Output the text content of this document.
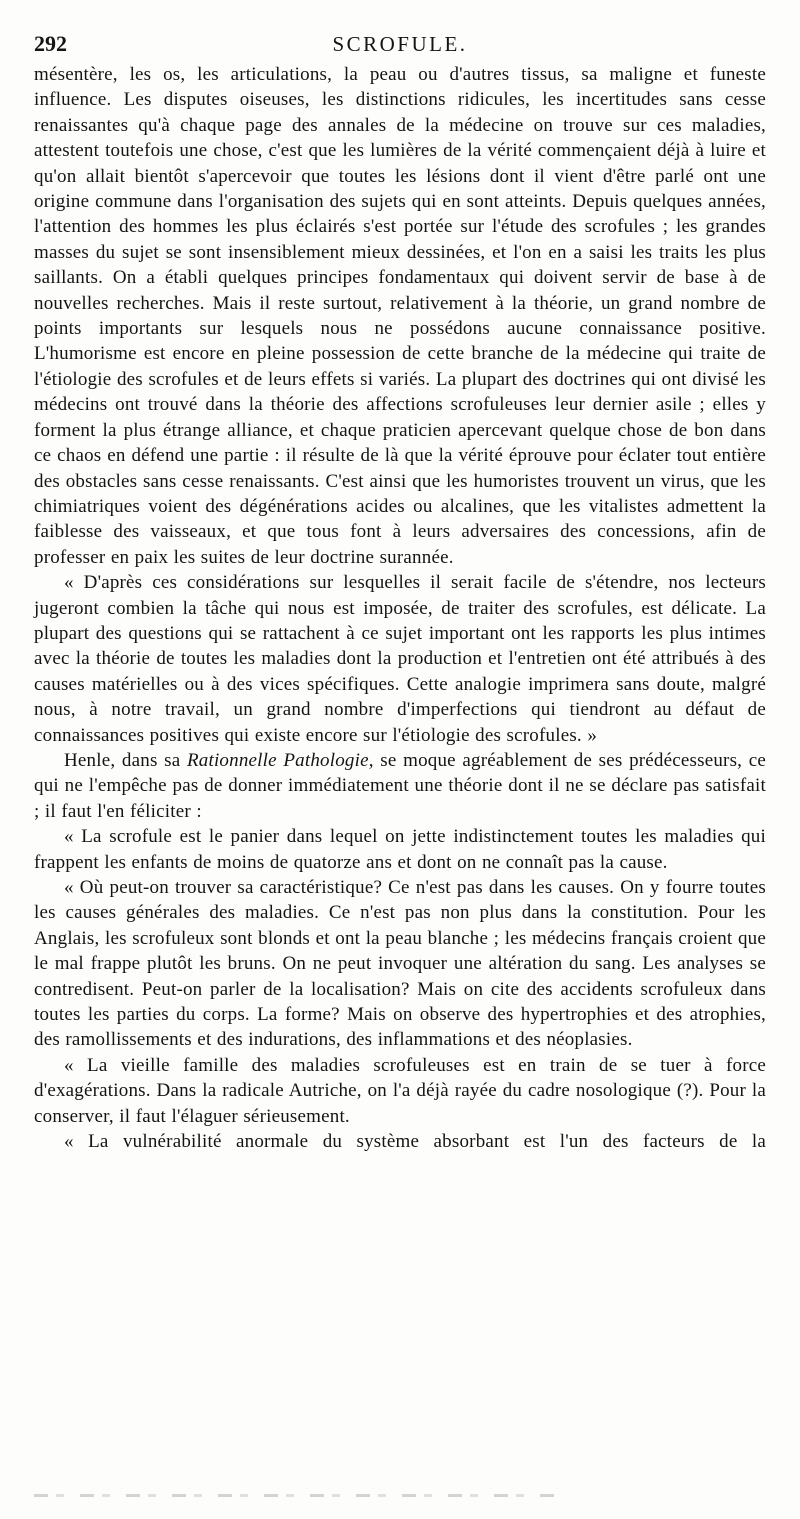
292	SCROFULE.

mésentère, les os, les articulations, la peau ou d'autres tissus, sa maligne et funeste influence. Les disputes oiseuses, les distinctions ridicules, les incertitudes sans cesse renaissantes qu'à chaque page des annales de la médecine on trouve sur ces maladies, attestent toutefois une chose, c'est que les lumières de la vérité commençaient déjà à luire et qu'on allait bientôt s'apercevoir que toutes les lésions dont il vient d'être parlé ont une origine commune dans l'organisation des sujets qui en sont atteints. Depuis quelques années, l'attention des hommes les plus éclairés s'est portée sur l'étude des scrofules ; les grandes masses du sujet se sont insensiblement mieux dessinées, et l'on en a saisi les traits les plus saillants. On a établi quelques principes fondamentaux qui doivent servir de base à de nouvelles recherches. Mais il reste surtout, relativement à la théorie, un grand nombre de points importants sur lesquels nous ne possédons aucune connaissance positive. L'humorisme est encore en pleine possession de cette branche de la médecine qui traite de l'étiologie des scrofules et de leurs effets si variés. La plupart des doctrines qui ont divisé les médecins ont trouvé dans la théorie des affections scrofuleuses leur dernier asile ; elles y forment la plus étrange alliance, et chaque praticien apercevant quelque chose de bon dans ce chaos en défend une partie : il résulte de là que la vérité éprouve pour éclater tout entière des obstacles sans cesse renaissants. C'est ainsi que les humoristes trouvent un virus, que les chimiatriques voient des dégénérations acides ou alcalines, que les vitalistes admettent la faiblesse des vaisseaux, et que tous font à leurs adversaires des concessions, afin de professer en paix les suites de leur doctrine surannée.

« D'après ces considérations sur lesquelles il serait facile de s'étendre, nos lecteurs jugeront combien la tâche qui nous est imposée, de traiter des scrofules, est délicate. La plupart des questions qui se rattachent à ce sujet important ont les rapports les plus intimes avec la théorie de toutes les maladies dont la production et l'entretien ont été attribués à des causes matérielles ou à des vices spécifiques. Cette analogie imprimera sans doute, malgré nous, à notre travail, un grand nombre d'imperfections qui tiendront au défaut de connaissances positives qui existe encore sur l'étiologie des scrofules. »

Henle, dans sa Rationnelle Pathologie, se moque agréablement de ses prédécesseurs, ce qui ne l'empêche pas de donner immédiatement une théorie dont il ne se déclare pas satisfait ; il faut l'en féliciter :

« La scrofule est le panier dans lequel on jette indistinctement toutes les maladies qui frappent les enfants de moins de quatorze ans et dont on ne connaît pas la cause.

« Où peut-on trouver sa caractéristique? Ce n'est pas dans les causes. On y fourre toutes les causes générales des maladies. Ce n'est pas non plus dans la constitution. Pour les Anglais, les scrofuleux sont blonds et ont la peau blanche ; les médecins français croient que le mal frappe plutôt les bruns. On ne peut invoquer une altération du sang. Les analyses se contredisent. Peut-on parler de la localisation? Mais on cite des accidents scrofuleux dans toutes les parties du corps. La forme? Mais on observe des hypertrophies et des atrophies, des ramollissements et des indurations, des inflammations et des néoplasies.

« La vieille famille des maladies scrofuleuses est en train de se tuer à force d'exagérations. Dans la radicale Autriche, on l'a déjà rayée du cadre nosologique (?). Pour la conserver, il faut l'élaguer sérieusement.

« La vulnérabilité anormale du système absorbant est l'un des facteurs de la
